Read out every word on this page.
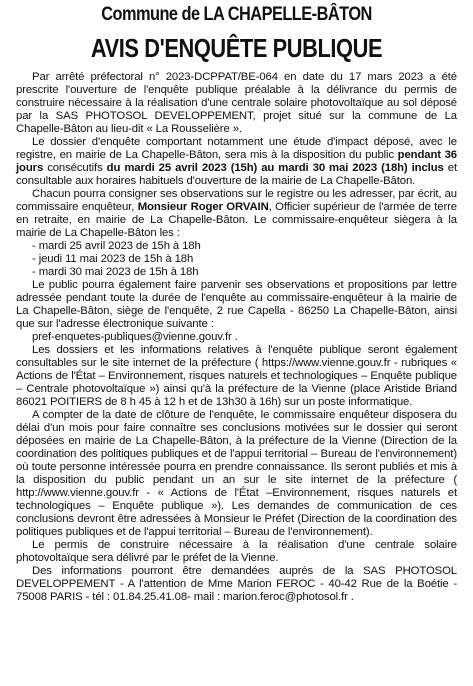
Commune de LA CHAPELLE-BÂTON
AVIS D'ENQUÊTE PUBLIQUE

Par arrêté préfectoral n° 2023-DCPPAT/BE-064 en date du 17 mars 2023 a été prescrite l'ouverture de l'enquête publique préalable à la délivrance du permis de construire nécessaire à la réalisation d'une centrale solaire photovoltaïque au sol déposé par la SAS PHOTOSOL DEVELOPPEMENT, projet situé sur la commune de La Chapelle-Bâton au lieu-dit « La Rousselière ».

Le dossier d'enquête comportant notamment une étude d'impact déposé, avec le registre, en mairie de La Chapelle-Bâton, sera mis à la disposition du public pendant 36 jours consécutifs du mardi 25 avril 2023 (15h) au mardi 30 mai 2023 (18h) inclus et consultable aux horaires habituels d'ouverture de la mairie de La Chapelle-Bâton.

Chacun pourra consigner ses observations sur le registre ou les adresser, par écrit, au commissaire enquêteur, Monsieur Roger ORVAIN, Officier supérieur de l'armée de terre en retraite, en mairie de La Chapelle-Bâton. Le commissaire-enquêteur siègera à la mairie de La Chapelle-Bâton les :

- mardi 25 avril 2023 de 15h à 18h

- jeudi 11 mai 2023 de 15h à 18h

- mardi 30 mai 2023 de 15h à 18h

Le public pourra également faire parvenir ses observations et propositions par lettre adressée pendant toute la durée de l'enquête au commissaire-enquêteur à la mairie de La Chapelle-Bâton, siège de l'enquête, 2 rue Capella - 86250 La Chapelle-Bâton, ainsi que sur l'adresse électronique suivante :

pref-enquetes-publiques@vienne.gouv.fr .

Les dossiers et les informations relatives à l'enquête publique seront également consultables sur le site internet de la préfecture ( https://www.vienne.gouv.fr - rubriques « Actions de l'État – Environnement, risques naturels et technologiques – Enquête publique – Centrale photovoltaïque ») ainsi qu'à la préfecture de la Vienne (place Aristide Briand 86021 POITIERS de 8 h 45 à 12 h et de 13h30 à 16h) sur un poste informatique.

A compter de la date de clôture de l'enquête, le commissaire enquêteur disposera du délai d'un mois pour faire connaître ses conclusions motivées sur le dossier qui seront déposées en mairie de La Chapelle-Bâton, à la préfecture de la Vienne (Direction de la coordination des politiques publiques et de l'appui territorial – Bureau de l'environnement) où toute personne intéressée pourra en prendre connaissance. Ils seront publiés et mis à la disposition du public pendant un an sur le site internet de la préfecture ( http://www.vienne.gouv.fr - « Actions de l'État –Environnement, risques naturels et technologiques – Enquête publique »). Les demandes de communication de ces conclusions devront être adressées à Monsieur le Préfet (Direction de la coordination des politiques publiques et de l'appui territorial – Bureau de l'environnement).

Le permis de construire nécessaire à la réalisation d'une centrale solaire photovoltaïque sera délivré par le préfet de la Vienne.

Des informations pourront être demandées auprès de la SAS PHOTOSOL DEVELOPPEMENT - A l'attention de Mme Marion FEROC - 40-42 Rue de la Boétie - 75008 PARIS - tél : 01.84.25.41.08- mail : marion.feroc@photosol.fr .
